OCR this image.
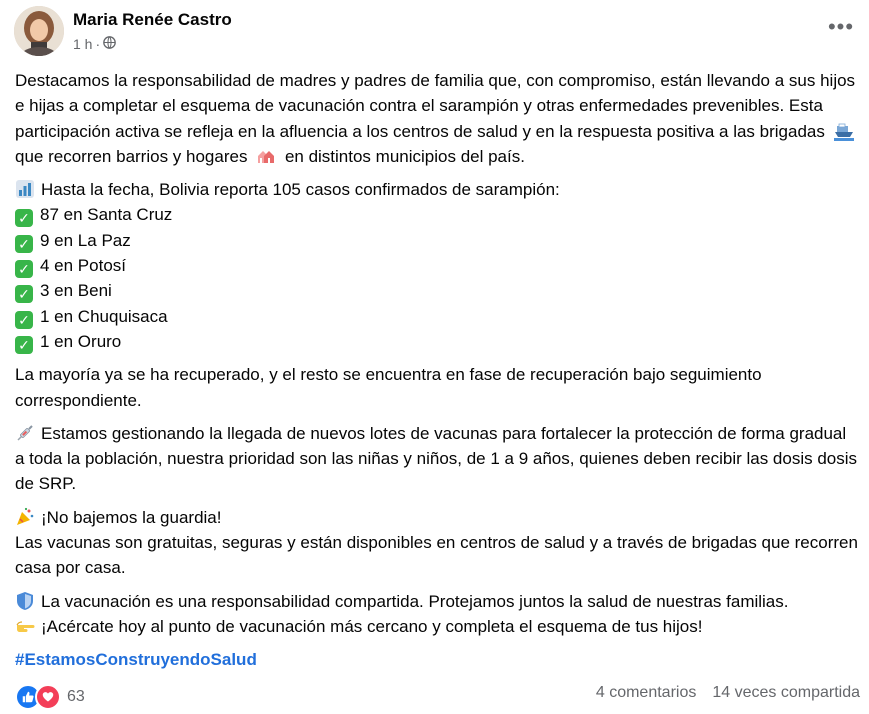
Maria Renée Castro
1 h ·
•••

Destacamos la responsabilidad de madres y padres de familia que, con compromiso, están llevando a sus hijos e hijas a completar el esquema de vacunación contra el sarampión y otras enfermedades prevenibles. Esta participación activa se refleja en la afluencia a los centros de salud y en la respuesta positiva a las brigadas  que recorren barrios y hogares en distintos municipios del país.

Hasta la fecha, Bolivia reporta 105 casos confirmados de sarampión:
✓ 87 en Santa Cruz
✓ 9 en La Paz
✓ 4 en Potosí
✓ 3 en Beni
✓ 1 en Chuquisaca
✓ 1 en Oruro

La mayoría ya se ha recuperado, y el resto se encuentra en fase de recuperación bajo seguimiento correspondiente.

Estamos gestionando la llegada de nuevos lotes de vacunas para fortalecer la protección de forma gradual a toda la población, nuestra prioridad son las niñas y niños, de 1 a 9 años, quienes deben recibir las dosis dosis de SRP.

¡No bajemos la guardia!
Las vacunas son gratuitas, seguras y están disponibles en centros de salud y a través de brigadas que recorren casa por casa.

La vacunación es una responsabilidad compartida. Protejamos juntos la salud de nuestras familias.
¡Acércate hoy al punto de vacunación más cercano y completa el esquema de tus hijos!

#EstamosConstruyendoSalud

63	4 comentarios 14 veces compartida
